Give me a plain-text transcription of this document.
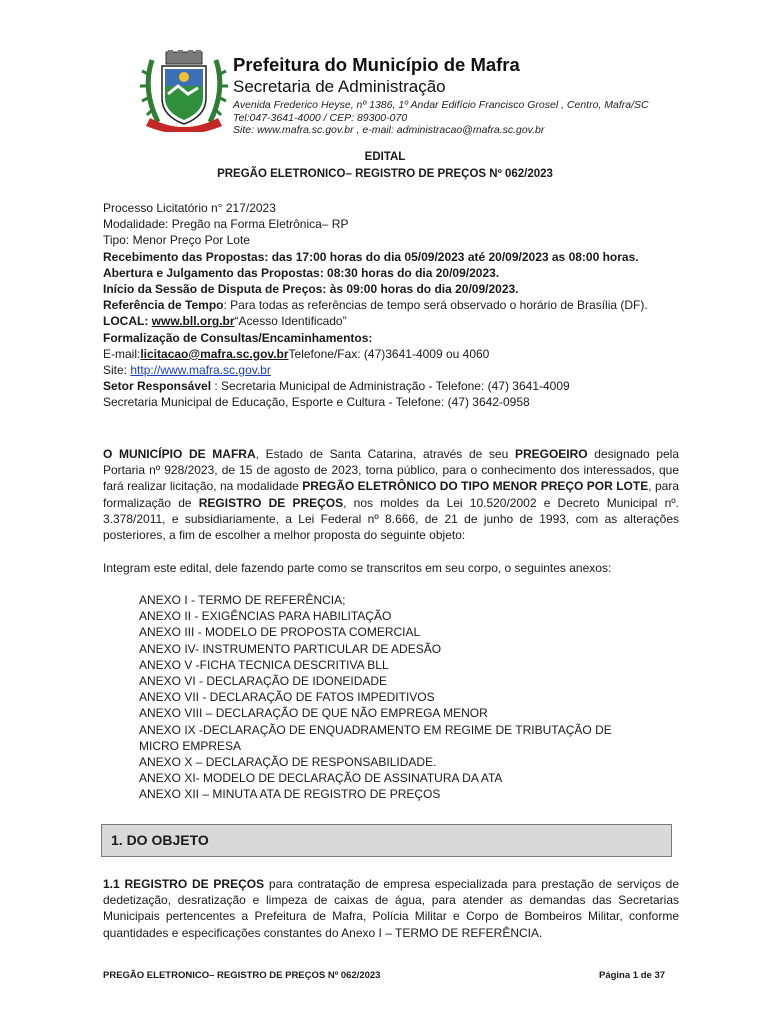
Prefeitura do Município de Mafra
Secretaria de Administração
Avenida Frederico Heyse, nº 1386, 1º Andar Edifício Francisco Grosel , Centro, Mafra/SC
Tel:047-3641-4000 / CEP: 89300-070
Site: www.mafra.sc.gov.br , e-mail: administracao@mafra.sc.gov.br
EDITAL
PREGÃO ELETRONICO– REGISTRO DE PREÇOS Nº 062/2023

Processo Licitatório n° 217/2023

Modalidade: Pregão na Forma Eletrônica– RP

Tipo: Menor Preço Por Lote

Recebimento das Propostas: das 17:00 horas do dia 05/09/2023 até 20/09/2023 as 08:00 horas.

Abertura e Julgamento das Propostas: 08:30 horas do dia 20/09/2023.

Início da Sessão de Disputa de Preços: às 09:00 horas do dia 20/09/2023.

Referência de Tempo: Para todas as referências de tempo será observado o horário de Brasília (DF).

LOCAL: www.bll.org.br“Acesso Identificado”

Formalização de Consultas/Encaminhamentos:

E-mail:licitacao@mafra.sc.gov.brTelefone/Fax: (47)3641-4009 ou 4060

Site: http://www.mafra.sc.gov.br

Setor Responsável : Secretaria Municipal de Administração - Telefone: (47) 3641-4009

Secretaria Municipal de Educação, Esporte e Cultura - Telefone: (47) 3642-0958

O MUNICÍPIO DE MAFRA, Estado de Santa Catarina, através de seu PREGOEIRO designado pela Portaria nº 928/2023, de 15 de agosto de 2023, torna público, para o conhecimento dos interessados, que fará realizar licitação, na modalidade PREGÃO ELETRÔNICO DO TIPO MENOR PREÇO POR LOTE, para formalização de REGISTRO DE PREÇOS, nos moldes da Lei 10.520/2002 e Decreto Municipal nº. 3.378/2011, e subsidiariamente, a Lei Federal nº 8.666, de 21 de junho de 1993, com as alterações posteriores, a fim de escolher a melhor proposta do seguinte objeto:

Integram este edital, dele fazendo parte como se transcritos em seu corpo, o seguintes anexos:
ANEXO I - TERMO DE REFERÊNCIA;
ANEXO II - EXIGÊNCIAS PARA HABILITAÇÃO
ANEXO III - MODELO DE PROPOSTA COMERCIAL
ANEXO IV- INSTRUMENTO PARTICULAR DE ADESÃO
ANEXO V -FICHA TECNICA DESCRITIVA BLL
ANEXO VI - DECLARAÇÃO DE IDONEIDADE
ANEXO VII - DECLARAÇÃO DE FATOS IMPEDITIVOS
ANEXO VIII – DECLARAÇÃO DE QUE NÃO EMPREGA MENOR
ANEXO IX -DECLARAÇÃO DE ENQUADRAMENTO EM REGIME DE TRIBUTAÇÃO DE MICRO EMPRESA
ANEXO X – DECLARAÇÃO DE RESPONSABILIDADE.
ANEXO XI- MODELO DE DECLARAÇÃO DE ASSINATURA DA ATA
ANEXO XII – MINUTA ATA DE REGISTRO DE PREÇOS
1. DO OBJETO

1.1 REGISTRO DE PREÇOS para contratação de empresa especializada para prestação de serviços de dedetização, desratização e limpeza de caixas de água, para atender as demandas das Secretarias Municipais pertencentes a Prefeitura de Mafra, Polícia Militar e Corpo de Bombeiros Militar, conforme quantidades e especificações constantes do Anexo I – TERMO DE REFERÊNCIA.

PREGÃO ELETRONICO– REGISTRO DE PREÇOS Nº 062/2023	Página 1 de 37
